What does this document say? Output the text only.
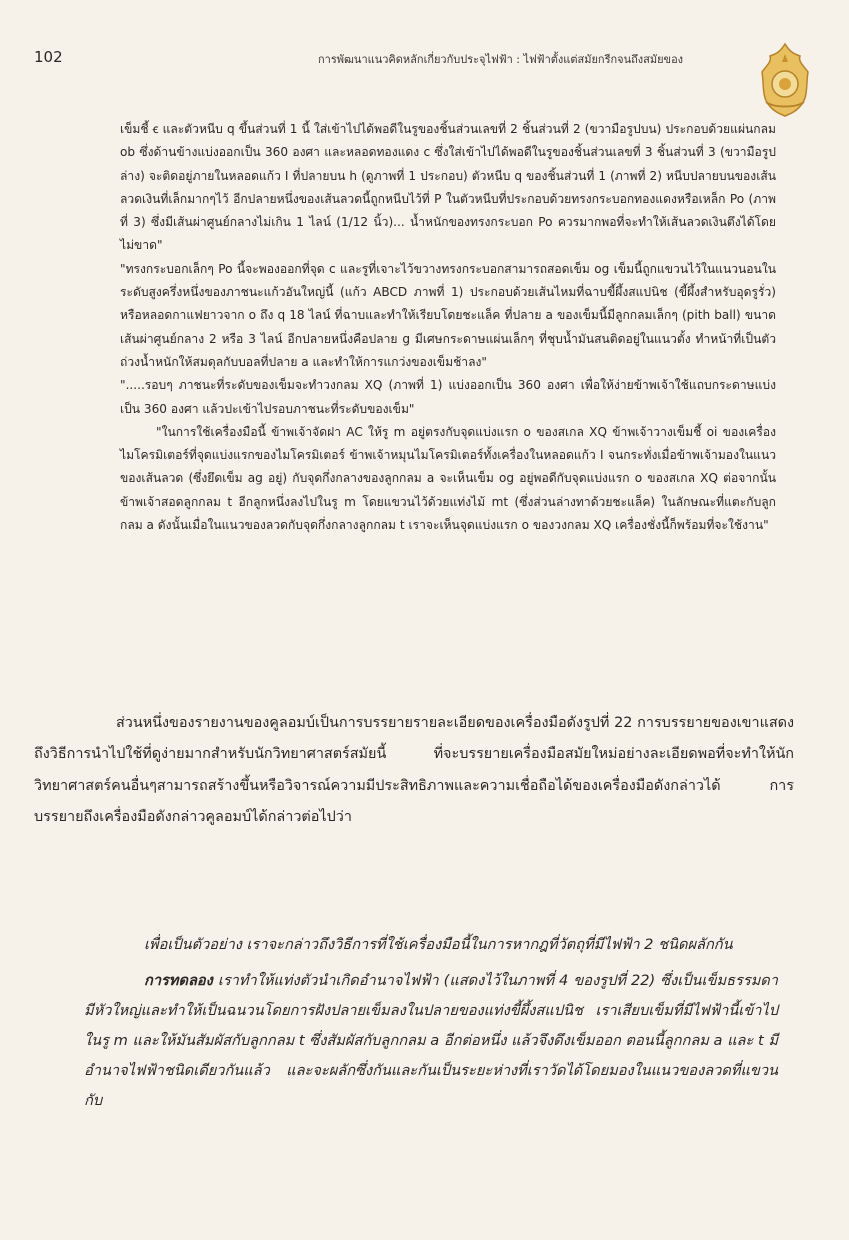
102	การพัฒนาแนวคิดหลักเกี่ยวกับประจุไฟฟ้า : ไฟฟ้าตั้งแต่สมัยกรีกจนถึงสมัยของ

เข็มชี้ ꞓ และตัวหนีบ q ขึ้นส่วนที่ 1 นี้ ใส่เข้าไปได้พอดีในรูของชิ้นส่วนเลขที่ 2 ชิ้นส่วนที่ 2 (ขวามือรูปบน) ประกอบด้วยแผ่นกลม ob ซึ่งด้านข้างแบ่งออกเป็น 360 องศา และหลอดทองแดง c ซึ่งใส่เข้าไปได้พอดีในรูของชิ้นส่วนเลขที่ 3 ชิ้นส่วนที่ 3 (ขวามือรูปล่าง) จะติดอยู่ภายในหลอดแก้ว I ที่ปลายบน h (ดูภาพที่ 1 ประกอบ) ตัวหนีบ q ของชิ้นส่วนที่ 1 (ภาพที่ 2) หนีบปลายบนของเส้นลวดเงินที่เล็กมากๆไว้ อีกปลายหนึ่งของเส้นลวดนี้ถูกหนีบไว้ที่ P ในตัวหนีบที่ประกอบด้วยทรงกระบอกทองแดงหรือเหล็ก Po (ภาพที่ 3) ซึ่งมีเส้นผ่าศูนย์กลางไม่เกิน 1 ไลน์ (1/12 นิ้ว)... น้ำหนักของทรงกระบอก Po ควรมากพอที่จะทำให้เส้นลวดเงินตึงได้โดยไม่ขาด"

"ทรงกระบอกเล็กๆ Po นี้จะพองออกที่จุด c และรูที่เจาะไว้ขวางทรงกระบอกสามารถสอดเข็ม og เข็มนี้ถูกแขวนไว้ในแนวนอนในระดับสูงครึ่งหนึ่งของภาชนะแก้วอันใหญ่นี้ (แก้ว ABCD ภาพที่ 1) ประกอบด้วยเส้นไหมที่ฉาบขี้ผึ้งสแปนิช (ขี้ผึ้งสำหรับอุดรูรั่ว) หรือหลอดกาแฟยาวจาก o ถึง q 18 ไลน์ ที่ฉาบและทำให้เรียบโดยชะแล็ค ที่ปลาย a ของเข็มนี้มีลูกกลมเล็กๆ (pith ball) ขนาดเส้นผ่าศูนย์กลาง 2 หรือ 3 ไลน์ อีกปลายหนึ่งคือปลาย g มีเศษกระดาษแผ่นเล็กๆ ที่ชุบน้ำมันสนติดอยู่ในแนวตั้ง ทำหน้าที่เป็นตัวถ่วงน้ำหนักให้สมดุลกับบอลที่ปลาย a และทำให้การแกว่งของเข็มช้าลง"

".....รอบๆ ภาชนะที่ระดับของเข็มจะทำวงกลม XQ (ภาพที่ 1) แบ่งออกเป็น 360 องศา เพื่อให้ง่ายข้าพเจ้าใช้แถบกระดาษแบ่งเป็น 360 องศา แล้วปะเข้าไปรอบภาชนะที่ระดับของเข็ม"

"ในการใช้เครื่องมือนี้ ข้าพเจ้าจัดฝา AC ให้รู m อยู่ตรงกับจุดแบ่งแรก o ของสเกล XQ ข้าพเจ้าวางเข็มชี้ oi ของเครื่องไมโครมิเตอร์ที่จุดแบ่งแรกของไมโครมิเตอร์ ข้าพเจ้าหมุนไมโครมิเตอร์ทั้งเครื่องในหลอดแก้ว I จนกระทั่งเมื่อข้าพเจ้ามองในแนวของเส้นลวด (ซึ่งยึดเข็ม ag อยู่) กับจุดกึ่งกลางของลูกกลม a จะเห็นเข็ม og อยู่พอดีกับจุดแบ่งแรก o ของสเกล XQ ต่อจากนั้นข้าพเจ้าสอดลูกกลม t อีกลูกหนึ่งลงไปในรู m โดยแขวนไว้ด้วยแท่งไม้ mt (ซึ่งส่วนล่างทาด้วยชะแล็ค) ในลักษณะที่แตะกับลูกกลม a ดังนั้นเมื่อในแนวของลวดกับจุดกึ่งกลางลูกกลม t เราจะเห็นจุดแบ่งแรก o ของวงกลม XQ เครื่องชั่งนี้ก็พร้อมที่จะใช้งาน"

ส่วนหนึ่งของรายงานของคูลอมบ์เป็นการบรรยายรายละเอียดของเครื่องมือดังรูปที่ 22 การบรรยายของเขาแสดงถึงวิธีการนำไปใช้ที่ดูง่ายมากสำหรับนักวิทยาศาสตร์สมัยนี้ ที่จะบรรยายเครื่องมือสมัยใหม่อย่างละเอียดพอที่จะทำให้นักวิทยาศาสตร์คนอื่นๆสามารถสร้างขึ้นหรือวิจารณ์ความมีประสิทธิภาพและความเชื่อถือได้ของเครื่องมือดังกล่าวได้ การบรรยายถึงเครื่องมือดังกล่าวคูลอมบ์ได้กล่าวต่อไปว่า

เพื่อเป็นตัวอย่าง เราจะกล่าวถึงวิธีการที่ใช้เครื่องมือนี้ในการหากฎที่วัตถุที่มีไฟฟ้า 2 ชนิดผลักกัน

การทดลอง เราทำให้แท่งตัวนำเกิดอำนาจไฟฟ้า (แสดงไว้ในภาพที่ 4 ของรูปที่ 22) ซึ่งเป็นเข็มธรรมดามีหัวใหญ่และทำให้เป็นฉนวนโดยการฝังปลายเข็มลงในปลายของแท่งขี้ผึ้งสแปนิช เราเสียบเข็มที่มีไฟฟ้านี้เข้าไปในรู m และให้มันสัมผัสกับลูกกลม t ซึ่งสัมผัสกับลูกกลม a อีกต่อหนึ่ง แล้วจึงดึงเข็มออก ตอนนี้ลูกกลม a และ t มีอำนาจไฟฟ้าชนิดเดียวกันแล้ว และจะผลักซึ่งกันและกันเป็นระยะห่างที่เราวัดได้โดยมองในแนวของลวดที่แขวนกับ
